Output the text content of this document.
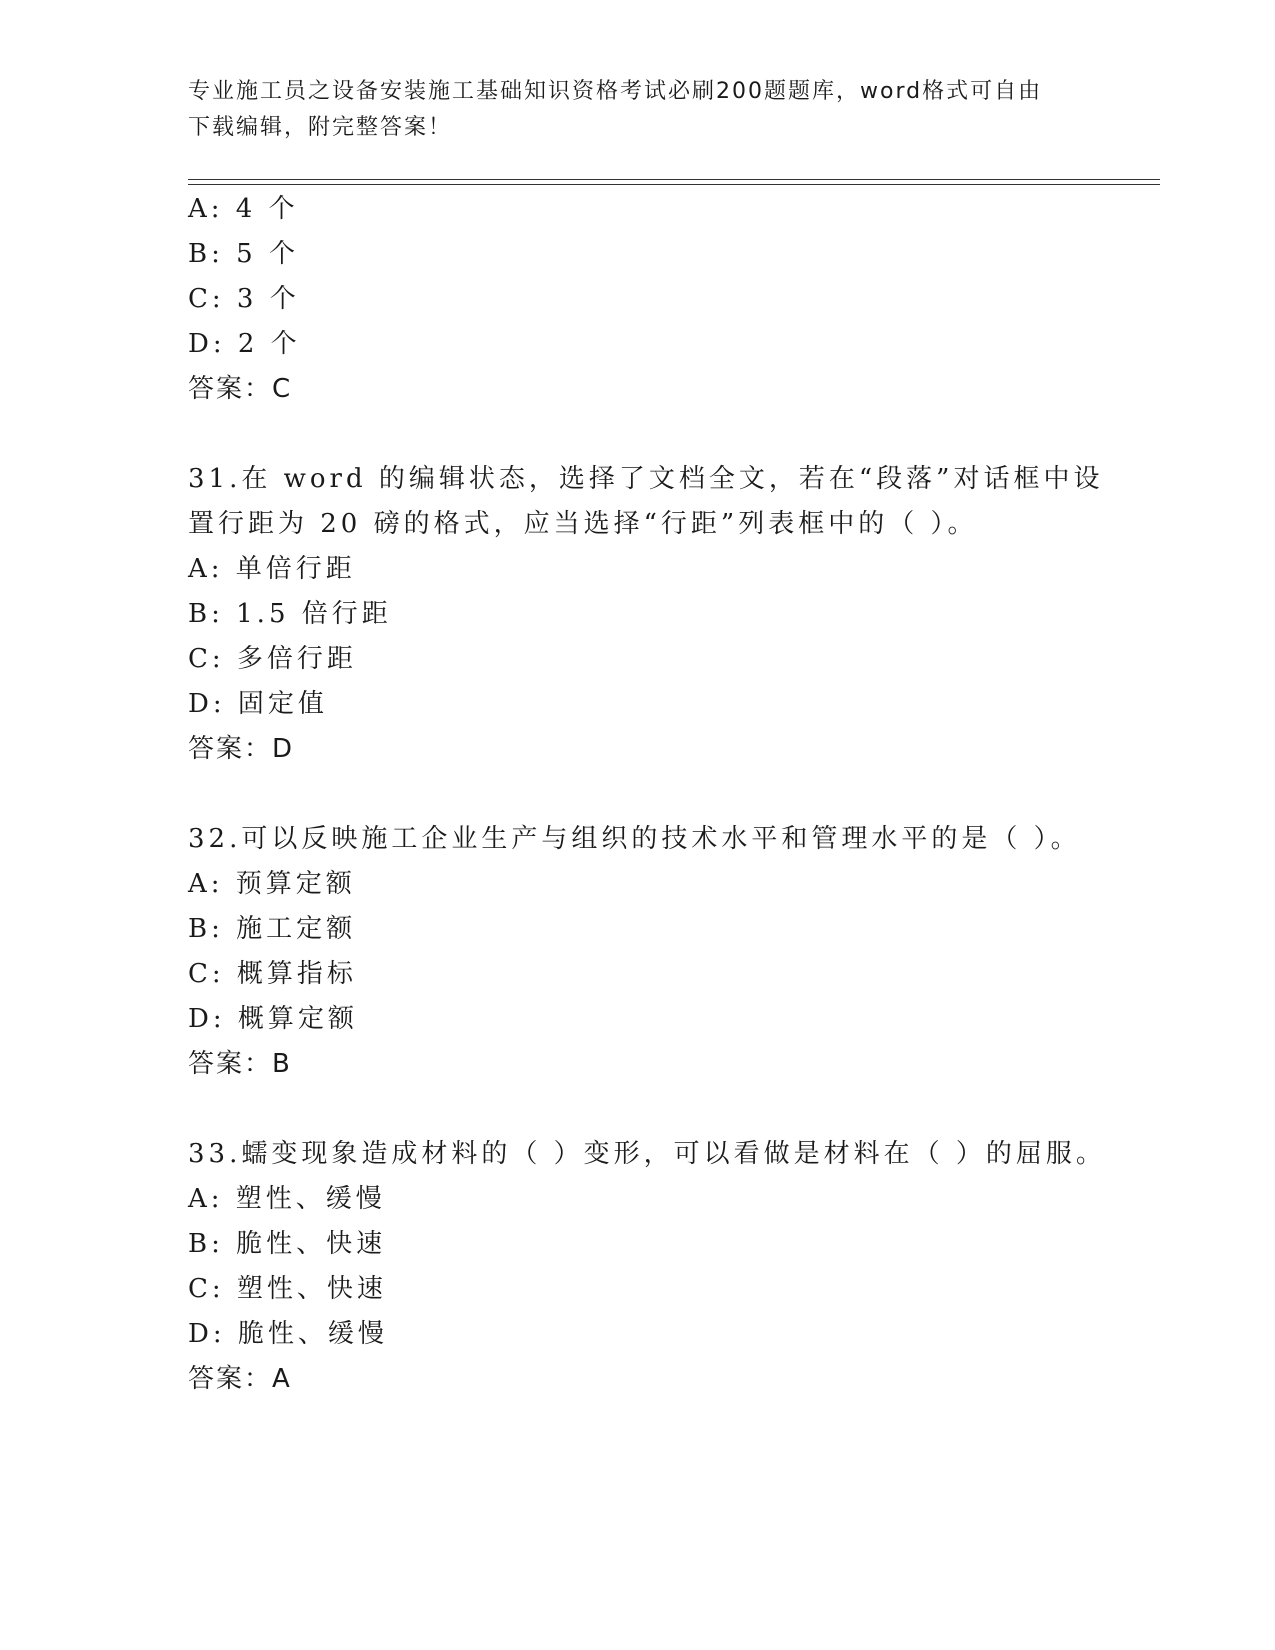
专业施工员之设备安装施工基础知识资格考试必刷200题题库，word格式可自由
下载编辑，附完整答案！
A: 4 个
B: 5 个
C: 3 个
D: 2 个
答案：C
31.在 word 的编辑状态，选择了文档全文，若在“段落”对话框中设
置行距为 20 磅的格式，应当选择“行距”列表框中的（ ）。
A: 单倍行距
B: 1.5 倍行距
C: 多倍行距
D: 固定值
答案：D
32.可以反映施工企业生产与组织的技术水平和管理水平的是（ ）。
A: 预算定额
B: 施工定额
C: 概算指标
D: 概算定额
答案：B
33.蠕变现象造成材料的（ ）变形，可以看做是材料在（ ）的屈服。
A: 塑性、缓慢
B: 脆性、快速
C: 塑性、快速
D: 脆性、缓慢
答案：A
